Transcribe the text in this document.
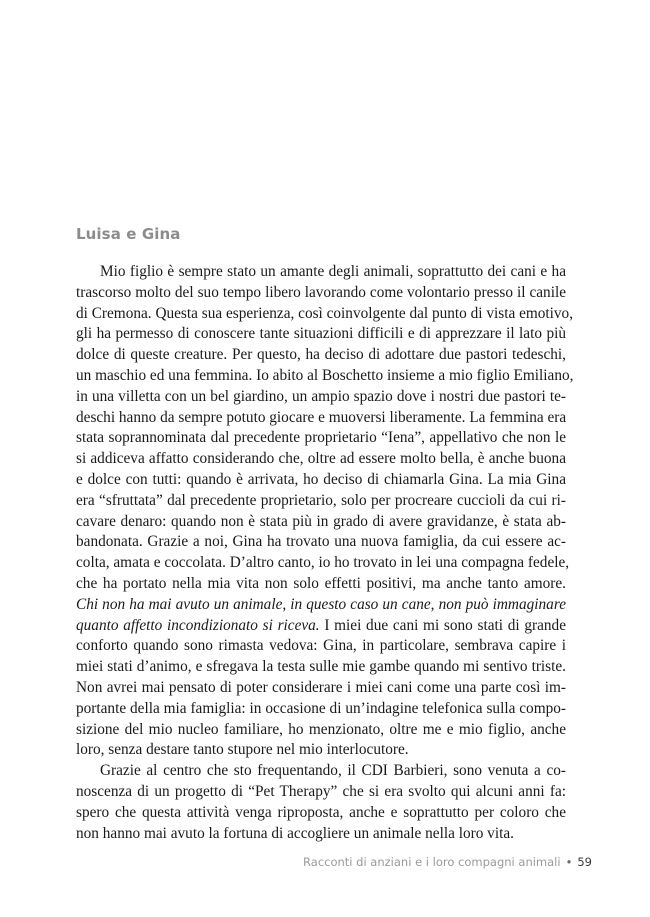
Luisa e Gina
Mio figlio è sempre stato un amante degli animali, soprattutto dei cani e ha
trascorso molto del suo tempo libero lavorando come volontario presso il canile
di Cremona. Questa sua esperienza, così coinvolgente dal punto di vista emotivo,
gli ha permesso di conoscere tante situazioni difficili e di apprezzare il lato più
dolce di queste creature. Per questo, ha deciso di adottare due pastori tedeschi,
un maschio ed una femmina. Io abito al Boschetto insieme a mio figlio Emiliano,
in una villetta con un bel giardino, un ampio spazio dove i nostri due pastori te-
deschi hanno da sempre potuto giocare e muoversi liberamente. La femmina era
stata soprannominata dal precedente proprietario “Iena”, appellativo che non le
si addiceva affatto considerando che, oltre ad essere molto bella, è anche buona
e dolce con tutti: quando è arrivata, ho deciso di chiamarla Gina. La mia Gina
era “sfruttata” dal precedente proprietario, solo per procreare cuccioli da cui ri-
cavare denaro: quando non è stata più in grado di avere gravidanze, è stata ab-
bandonata. Grazie a noi, Gina ha trovato una nuova famiglia, da cui essere ac-
colta, amata e coccolata. D’altro canto, io ho trovato in lei una compagna fedele,
che ha portato nella mia vita non solo effetti positivi, ma anche tanto amore.
Chi non ha mai avuto un animale, in questo caso un cane, non può immaginare
quanto affetto incondizionato si riceva. I miei due cani mi sono stati di grande
conforto quando sono rimasta vedova: Gina, in particolare, sembrava capire i
miei stati d’animo, e sfregava la testa sulle mie gambe quando mi sentivo triste.
Non avrei mai pensato di poter considerare i miei cani come una parte così im-
portante della mia famiglia: in occasione di un’indagine telefonica sulla compo-
sizione del mio nucleo familiare, ho menzionato, oltre me e mio figlio, anche
loro, senza destare tanto stupore nel mio interlocutore.
Grazie al centro che sto frequentando, il CDI Barbieri, sono venuta a co-
noscenza di un progetto di “Pet Therapy” che si era svolto qui alcuni anni fa:
spero che questa attività venga riproposta, anche e soprattutto per coloro che
non hanno mai avuto la fortuna di accogliere un animale nella loro vita.
Racconti di anziani e i loro compagni animali • 59
